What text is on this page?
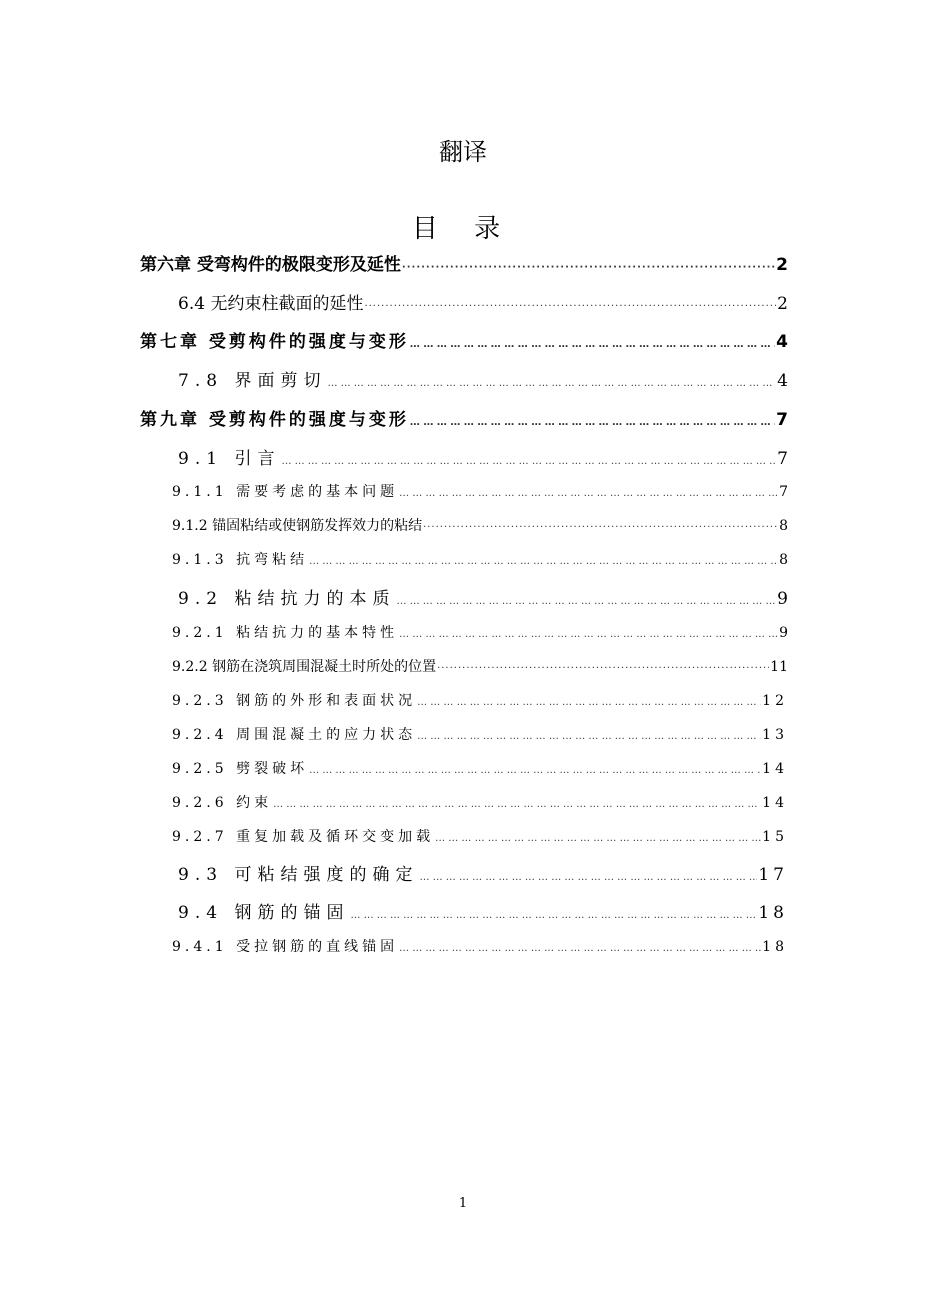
翻译
目 录
第六章 受弯构件的极限变形及延性 ·····	2
6.4 无约束柱截面的延性 ·····	2
第七章 受剪构件的强度与变形 … … … … … … … … … … … … … … … … … … … … … … … … … … … … … … … … … … … … … … … … … … … … … … … … … … … … … … … … … … … … … … … … … … … … … … … … …	4
7.8 界面剪切 … … … … … … … … … … … … … … … … … … … … … … … … … … … … … … … … … … … … … … … … … … … … … … … … … … … … … … … … … … … … … … … … … … … … … … … … …	4
第九章 受剪构件的强度与变形 … … … … … … … … … … … … … … … … … … … … … … … … … … … … … … … … … … … … … … … … … … … … … … … … … … … … … … … … … … … … … … … … … … … … … … … … …	7
9.1 引言 … … … … … … … … … … … … … … … … … … … … … … … … … … … … … … … … … … … … … … … … … … … … … … … … … … … … … … … … … … … … … … … … … … … … … … … … …	7
9.1.1 需要考虑的基本问题 … … … … … … … … … … … … … … … … … … … … … … … … … … … … … … … … … … … … … … … … … … … … … … … … … … … … … … … … … … … … … … … … … … … … … … … … …	7
9.1.2 锚固粘结或使钢筋发挥效力的粘结 ·····	8
9.1.3 抗弯粘结 … … … … … … … … … … … … … … … … … … … … … … … … … … … … … … … … … … … … … … … … … … … … … … … … … … … … … … … … … … … … … … … … … … … … … … … … …	8
9.2 粘结抗力的本质 … … … … … … … … … … … … … … … … … … … … … … … … … … … … … … … … … … … … … … … … … … … … … … … … … … … … … … … … … … … … … … … … … … … … … … … … …	9
9.2.1 粘结抗力的基本特性 … … … … … … … … … … … … … … … … … … … … … … … … … … … … … … … … … … … … … … … … … … … … … … … … … … … … … … … … … … … … … … … … … … … … … … … … …	9
9.2.2 钢筋在浇筑周围混凝土时所处的位置 ·····	11
9.2.3 钢筋的外形和表面状况 … … … … … … … … … … … … … … … … … … … … … … … … … … … … … … … … … … … … … … … … … … … … … … … … … … … … … … … … … … … … … … … … … … … … … … … … …	12
9.2.4 周围混凝土的应力状态 … … … … … … … … … … … … … … … … … … … … … … … … … … … … … … … … … … … … … … … … … … … … … … … … … … … … … … … … … … … … … … … … … … … … … … … … …	13
9.2.5 劈裂破坏 … … … … … … … … … … … … … … … … … … … … … … … … … … … … … … … … … … … … … … … … … … … … … … … … … … … … … … … … … … … … … … … … … … … … … … … … …	14
9.2.6 约束 … … … … … … … … … … … … … … … … … … … … … … … … … … … … … … … … … … … … … … … … … … … … … … … … … … … … … … … … … … … … … … … … … … … … … … … … …	14
9.2.7 重复加载及循环交变加载 … … … … … … … … … … … … … … … … … … … … … … … … … … … … … … … … … … … … … … … … … … … … … … … … … … … … … … … … … … … … … … … … … … … … … … … … …	15
9.3 可粘结强度的确定 … … … … … … … … … … … … … … … … … … … … … … … … … … … … … … … … … … … … … … … … … … … … … … … … … … … … … … … … … … … … … … … … … … … … … … … … …	17
9.4 钢筋的锚固 … … … … … … … … … … … … … … … … … … … … … … … … … … … … … … … … … … … … … … … … … … … … … … … … … … … … … … … … … … … … … … … … … … … … … … … … …	18
9.4.1 受拉钢筋的直线锚固 … … … … … … … … … … … … … … … … … … … … … … … … … … … … … … … … … … … … … … … … … … … … … … … … … … … … … … … … … … … … … … … … … … … … … … … … …	18
1
